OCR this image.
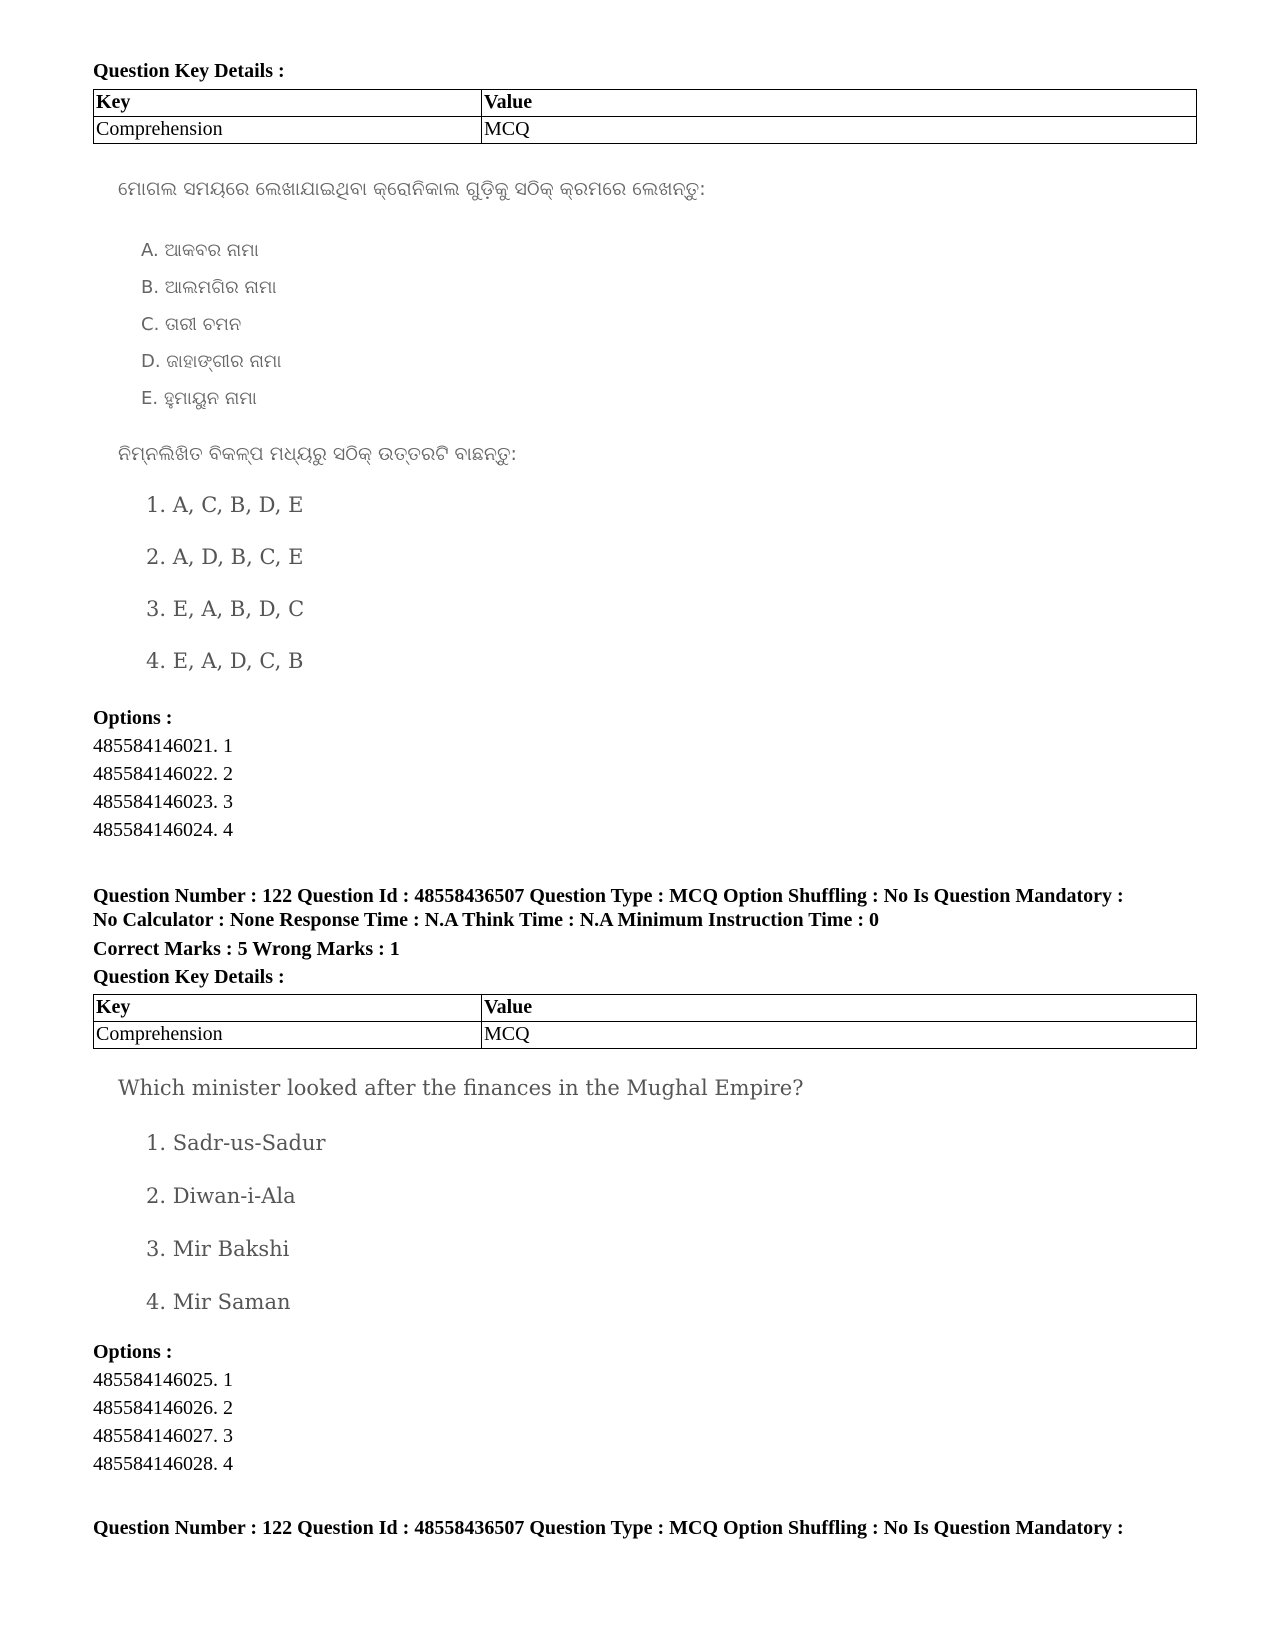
Question Key Details :
Key	Value
Comprehension	MCQ
ମୋଗଲ ସମୟରେ ଲେଖାଯାଇଥିବା କ୍ରୋନିକାଲ ଗୁଡ଼ିକୁ ସଠିକ୍ କ୍ରମରେ ଲେଖନ୍ତୁ:
A. ଆକବର ନାମା
B. ଆଲମଗିର ନାମା
C. ତାରୀ ଚମନ
D. ଜାହାଙ୍ଗୀର ନାମା
E. ହୁମାୟୁନ ନାମା
ନିମ୍ନଲିଖିତ ବିକଳ୍ପ ମଧ୍ୟରୁ ସଠିକ୍ ଉତ୍ତରଟି ବାଛନ୍ତୁ:
1. A, C, B, D, E
2. A, D, B, C, E
3. E, A, B, D, C
4. E, A, D, C, B
Options :
485584146021. 1
485584146022. 2
485584146023. 3
485584146024. 4
Question Number : 122 Question Id : 48558436507 Question Type : MCQ Option Shuffling : No Is Question Mandatory :
No Calculator : None Response Time : N.A Think Time : N.A Minimum Instruction Time : 0
Correct Marks : 5 Wrong Marks : 1
Question Key Details :
Key	Value
Comprehension	MCQ
Which minister looked after the finances in the Mughal Empire?
1. Sadr-us-Sadur
2. Diwan-i-Ala
3. Mir Bakshi
4. Mir Saman
Options :
485584146025. 1
485584146026. 2
485584146027. 3
485584146028. 4
Question Number : 122 Question Id : 48558436507 Question Type : MCQ Option Shuffling : No Is Question Mandatory :
